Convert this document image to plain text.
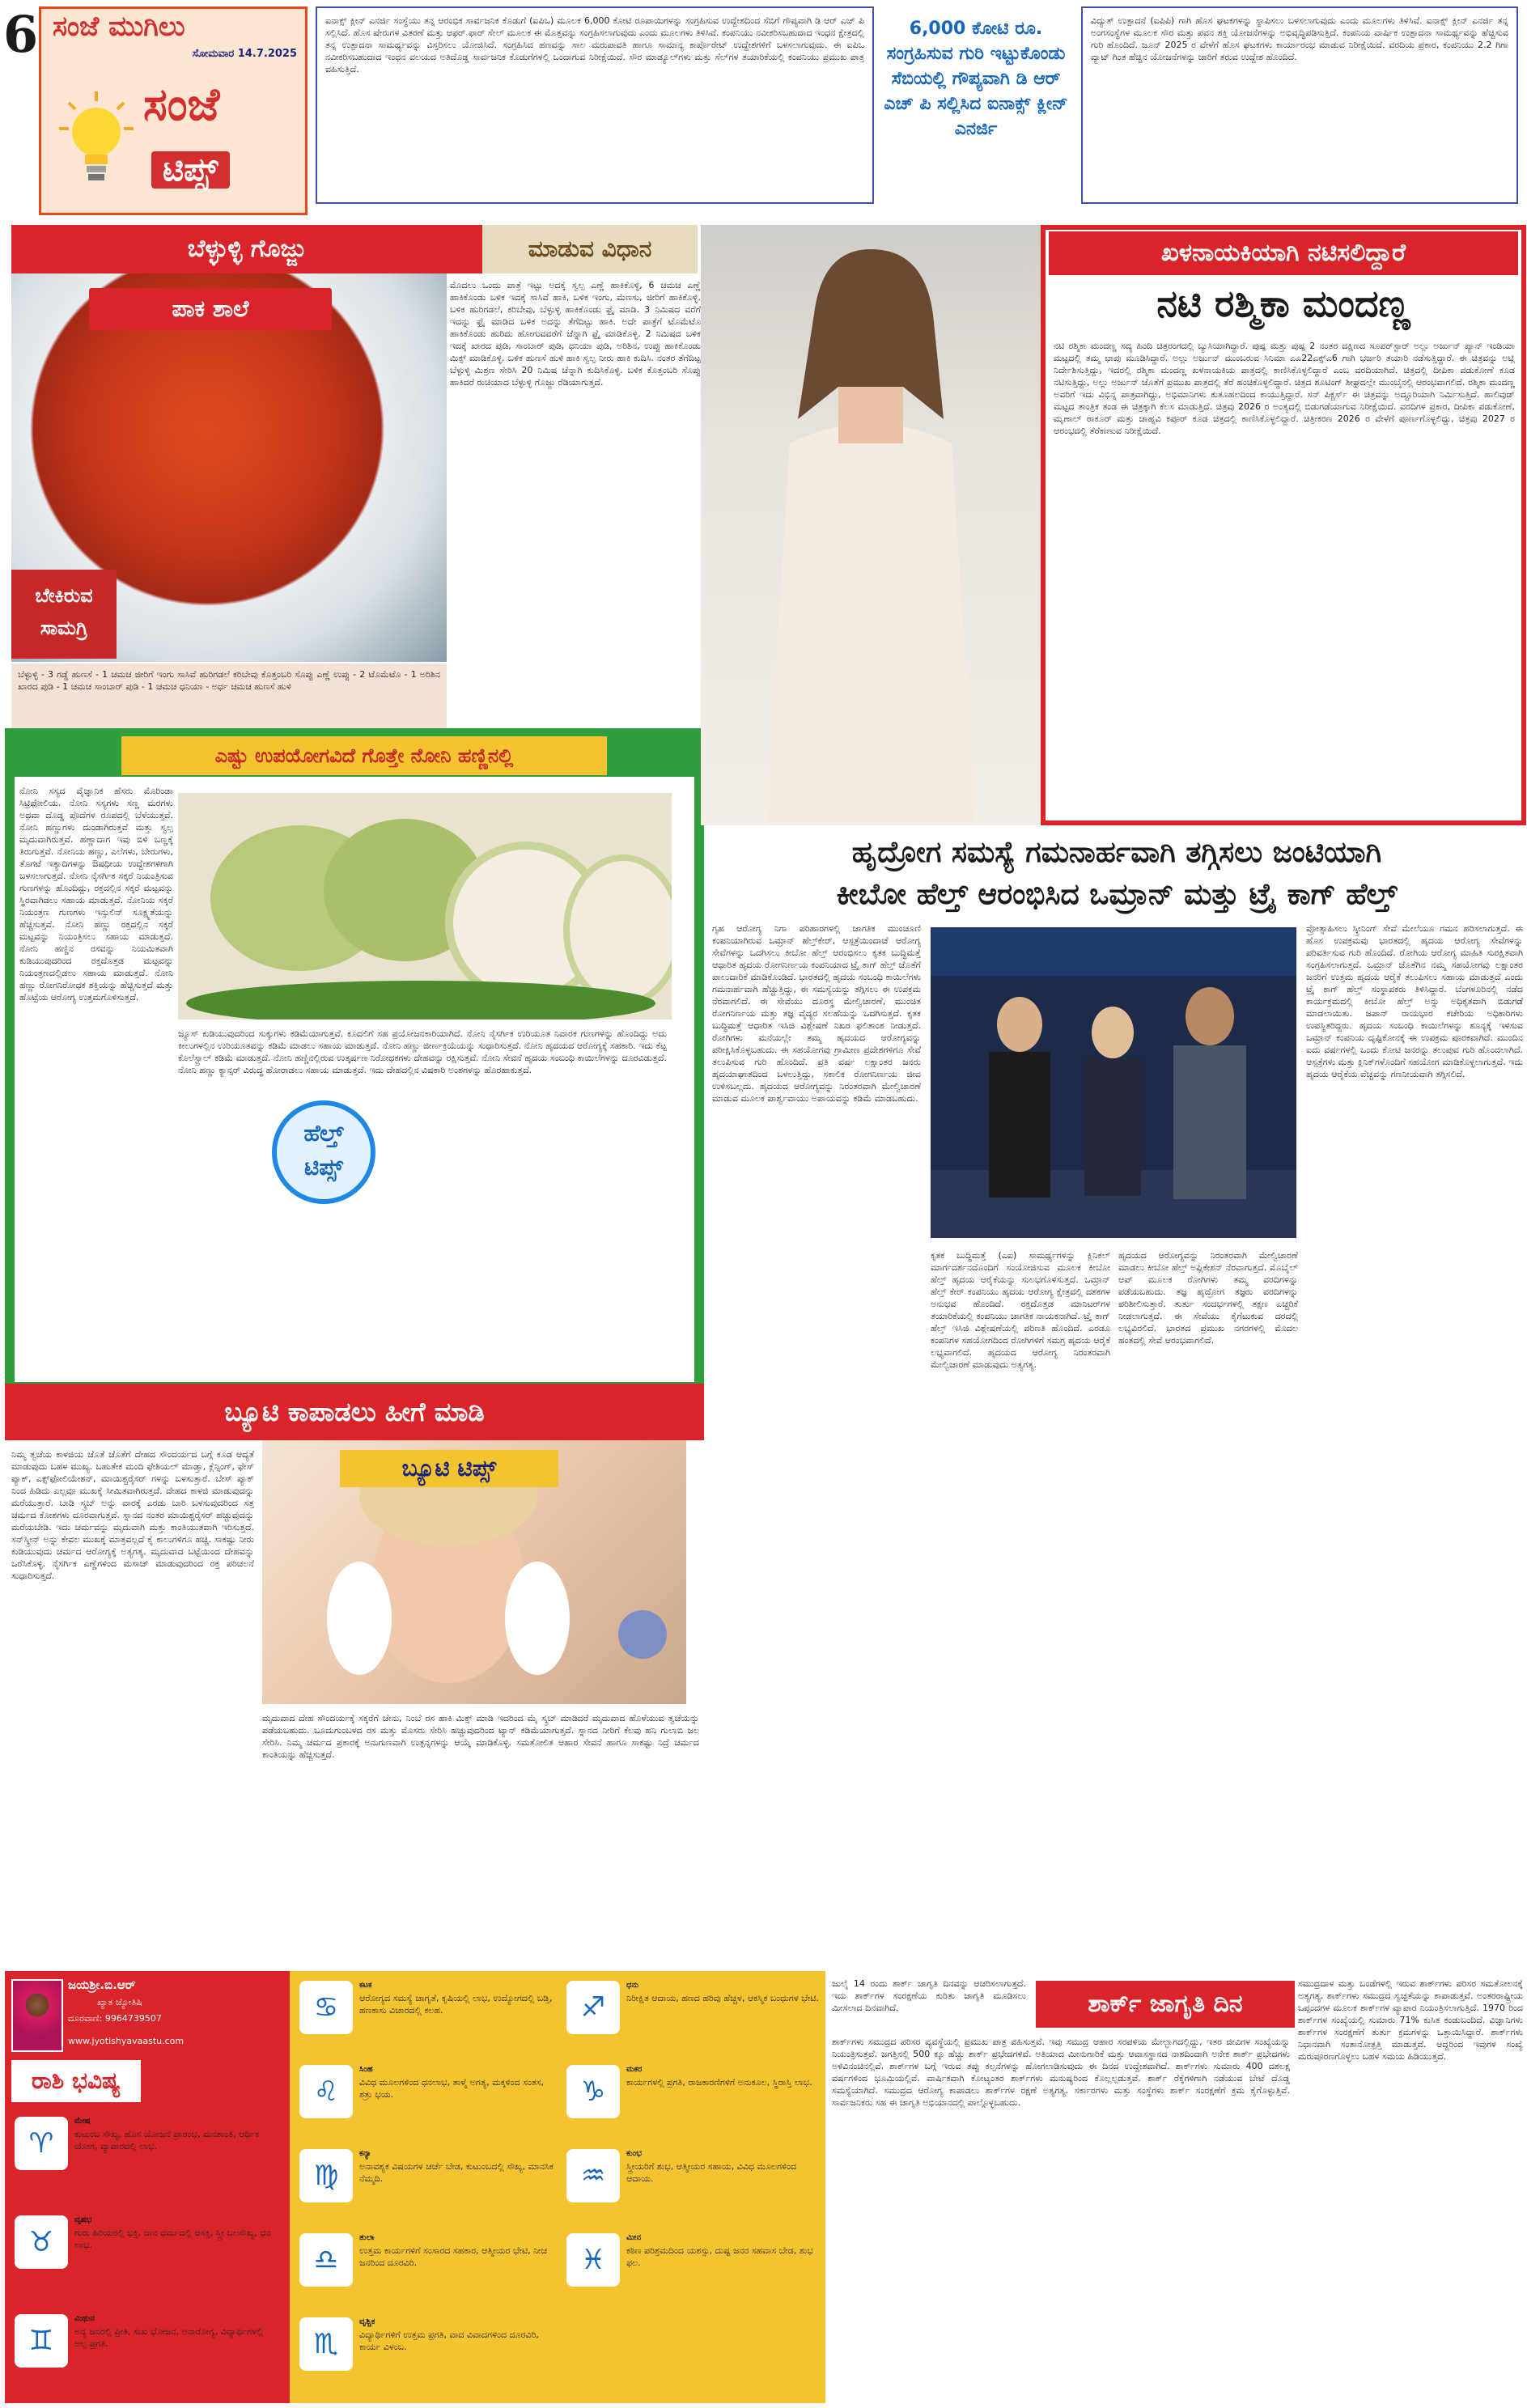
6 ಸಂಜೆ ಮುಗಿಲು
ಸೋಮವಾರ 14.7.2025
ಸಂಜೆ
ಟಿಪ್ಸ್
ಐನಾಕ್ಸ್ ಕ್ಲೀನ್ ಎನರ್ಜಿ ಸಂಸ್ಥೆಯು ತನ್ನ ಆರಂಭಿಕ ಸಾರ್ವಜನಿಕ ಕೊಡುಗೆ (ಐಪಿಒ) ಮೂಲಕ 6,000 ಕೋಟಿ ರೂಪಾಯಿಗಳನ್ನು ಸಂಗ್ರಹಿಸುವ ಉದ್ದೇಶದಿಂದ ಸೆಬಿಗೆ ಗೌಪ್ಯವಾಗಿ ಡಿ ಆರ್ ಎಚ್ ಪಿ ಸಲ್ಲಿಸಿದೆ. ಹೊಸ ಷೇರುಗಳ ವಿತರಣೆ ಮತ್ತು ಆಫರ್ ಫಾರ್ ಸೇಲ್ ಮೂಲಕ ಈ ಮೊತ್ತವನ್ನು ಸಂಗ್ರಹಿಸಲಾಗುವುದು ಎಂದು ಮೂಲಗಳು ತಿಳಿಸಿವೆ. ಕಂಪನಿಯು ನವೀಕರಿಸಬಹುದಾದ ಇಂಧನ ಕ್ಷೇತ್ರದಲ್ಲಿ ತನ್ನ ಉತ್ಪಾದನಾ ಸಾಮರ್ಥ್ಯವನ್ನು ವಿಸ್ತರಿಸಲು ಯೋಜಿಸಿದೆ. ಸಂಗ್ರಹಿಸಿದ ಹಣವನ್ನು ಸಾಲ ಮರುಪಾವತಿ ಹಾಗೂ ಸಾಮಾನ್ಯ ಕಾರ್ಪೊರೇಟ್ ಉದ್ದೇಶಗಳಿಗೆ ಬಳಸಲಾಗುವುದು. ಈ ಐಪಿಒ ನವೀಕರಿಸಬಹುದಾದ ಇಂಧನ ವಲಯದ ಅತಿದೊಡ್ಡ ಸಾರ್ವಜನಿಕ ಕೊಡುಗೆಗಳಲ್ಲಿ ಒಂದಾಗುವ ನಿರೀಕ್ಷೆಯಿದೆ. ಸೌರ ಮಾಡ್ಯೂಲ್‌ಗಳು ಮತ್ತು ಸೆಲ್‌ಗಳ ತಯಾರಿಕೆಯಲ್ಲಿ ಕಂಪನಿಯು ಪ್ರಮುಖ ಪಾತ್ರ ವಹಿಸುತ್ತಿದೆ.
6,000 ಕೋಟಿ ರೂ. ಸಂಗ್ರಹಿಸುವ ಗುರಿ ಇಟ್ಟುಕೊಂಡು ಸೆಬಿಯಲ್ಲಿ ಗೌಪ್ಯವಾಗಿ ಡಿ ಆರ್ ಎಚ್ ಪಿ ಸಲ್ಲಿಸಿದ ಐನಾಕ್ಸ್ ಕ್ಲೀನ್ ಎನರ್ಜಿ
ವಿದ್ಯುತ್ ಉತ್ಪಾದನೆ (ಐಪಿಪಿ) ಗಾಗಿ ಹೊಸ ಘಟಕಗಳನ್ನು ಸ್ಥಾಪಿಸಲು ಬಳಸಲಾಗುವುದು ಎಂದು ಮೂಲಗಳು ತಿಳಿಸಿವೆ. ಐನಾಕ್ಸ್ ಕ್ಲೀನ್ ಎನರ್ಜಿ ತನ್ನ ಅಂಗಸಂಸ್ಥೆಗಳ ಮೂಲಕ ಸೌರ ಮತ್ತು ಪವನ ಶಕ್ತಿ ಯೋಜನೆಗಳನ್ನು ಅಭಿವೃದ್ಧಿಪಡಿಸುತ್ತಿದೆ. ಕಂಪನಿಯ ವಾರ್ಷಿಕ ಉತ್ಪಾದನಾ ಸಾಮರ್ಥ್ಯವನ್ನು ಹೆಚ್ಚಿಸುವ ಗುರಿ ಹೊಂದಿದೆ. ಜೂನ್ 2025 ರ ವೇಳೆಗೆ ಹೊಸ ಘಟಕಗಳು ಕಾರ್ಯಾರಂಭ ಮಾಡುವ ನಿರೀಕ್ಷೆಯಿದೆ. ವರದಿಯ ಪ್ರಕಾರ, ಕಂಪನಿಯು 2.2 ಗಿಗಾ ವ್ಯಾಟ್ ಗಿಂತ ಹೆಚ್ಚಿನ ಯೋಜನೆಗಳನ್ನು ಜಾರಿಗೆ ತರುವ ಉದ್ದೇಶ ಹೊಂದಿದೆ.
ಬೆಳ್ಳುಳ್ಳಿ ಗೊಜ್ಜು	ಮಾಡುವ ವಿಧಾನ
ಪಾಕ ಶಾಲೆ
ಬೇಕಿರುವ ಸಾಮಗ್ರಿ
ಬೆಳ್ಳುಳ್ಳಿ - 3 ಗಡ್ಡೆ ಹುಣಸೆ - 1 ಚಮಚ ಜೀರಿಗೆ ಇಂಗು ಸಾಸಿವೆ ಹುರಿಗಡಲೆ ಕರಿಬೇವು ಕೊತ್ತಂಬರಿ ಸೊಪ್ಪು ಎಣ್ಣೆ ಉಪ್ಪು - 2 ಟೊಮೆಟೊ - 1 ಅರಿಶಿನ ಖಾರದ ಪುಡಿ - 1 ಚಮಚ ಸಾಂಬಾರ್ ಪುಡಿ - 1 ಚಮಚ ಧನಿಯಾ - ಅರ್ಧ ಚಮಚ ಹುಣಸೆ ಹುಳಿ
ಮೊದಲು ಒಂದು ಪಾತ್ರೆ ಇಟ್ಟು ಅದಕ್ಕೆ ಸ್ವಲ್ಪ ಎಣ್ಣೆ ಹಾಕಿಕೊಳ್ಳಿ, 6 ಚಮಚ ಎಣ್ಣೆ ಹಾಕಿಕೊಂಡು ಬಳಿಕ ಇದಕ್ಕೆ ಸಾಸಿವೆ ಹಾಕಿ, ಬಳಿಕ ಇಂಗು, ಮೆಣಸು, ಜೀರಿಗೆ ಹಾಕಿಕೊಳ್ಳಿ. ಬಳಿಕ ಹುರಿಗಡಲೆ, ಕರಿಬೇವು, ಬೆಳ್ಳುಳ್ಳಿ ಹಾಕಿಕೊಂಡು ಫ್ರೈ ಮಾಡಿ. 3 ನಿಮಿಷದ ವರೆಗೆ ಇದನ್ನು ಫ್ರೈ ಮಾಡಿದ ಬಳಿಕ ಅದನ್ನು ತೆಗೆದಿಟ್ಟು ಹಾಕಿ. ಅದೇ ಪಾತ್ರೆಗೆ ಟೊಮೆಟೊ ಹಾಕಿಕೊಂಡು ಹುರಿದು ಹೋಗುವವರೆಗೆ ಚೆನ್ನಾಗಿ ಫ್ರೈ ಮಾಡಿಕೊಳ್ಳಿ. 2 ನಿಮಿಷದ ಬಳಿಕ ಇದಕ್ಕೆ ಖಾರದ ಪುಡಿ, ಸಾಂಬಾರ್ ಪುಡಿ, ಧನಿಯಾ ಪುಡಿ, ಅರಿಶಿನ, ಉಪ್ಪು ಹಾಕಿಕೊಂಡು ಮಿಕ್ಸ್ ಮಾಡಿಕೊಳ್ಳಿ. ಬಳಿಕ ಹುಣಸೆ ಹುಳಿ ಹಾಕಿ ಸ್ವಲ್ಪ ನೀರು ಹಾಕಿ ಕುದಿಸಿ. ನಂತರ ತೆಗೆದಿಟ್ಟ ಬೆಳ್ಳುಳ್ಳಿ ಮಿಶ್ರಣ ಸೇರಿಸಿ 20 ನಿಮಿಷ ಚೆನ್ನಾಗಿ ಕುದಿಸಿಕೊಳ್ಳಿ. ಬಳಿಕ ಕೊತ್ತಂಬರಿ ಸೊಪ್ಪು ಹಾಕಿದರೆ ರುಚಿಯಾದ ಬೆಳ್ಳುಳ್ಳಿ ಗೊಜ್ಜು ರೆಡಿಯಾಗುತ್ತದೆ.
ಎಷ್ಟು ಉಪಯೋಗವಿದೆ ಗೊತ್ತೇ ನೋನಿ ಹಣ್ಣಿನಲ್ಲಿ
ನೋನಿ ಸಸ್ಯದ ವೈಜ್ಞಾನಿಕ ಹೆಸರು ಮೊರಿಂಡಾ ಸಿಟ್ರಿಫೋಲಿಯ. ನೋನಿ ಸಸ್ಯಗಳು ಸಣ್ಣ ಮರಗಳು ಅಥವಾ ದೊಡ್ಡ ಪೊದೆಗಳ ರೂಪದಲ್ಲಿ ಬೆಳೆಯುತ್ತವೆ. ನೋನಿ ಹಣ್ಣುಗಳು ದುಂಡಾಗಿರುತ್ತವೆ ಮತ್ತು ಸ್ವಲ್ಪ ಮೃದುವಾಗಿರುತ್ತವೆ. ಹಣ್ಣಾದಾಗ ಇವು ಬಿಳಿ ಬಣ್ಣಕ್ಕೆ ತಿರುಗುತ್ತವೆ. ನೋನಿಯ ಹಣ್ಣು, ಎಲೆಗಳು, ಬೇರುಗಳು, ತೊಗಟೆ ಇತ್ಯಾದಿಗಳನ್ನು ಔಷಧೀಯ ಉದ್ದೇಶಗಳಿಗಾಗಿ ಬಳಸಲಾಗುತ್ತದೆ. ನೋನಿ ನೈಸರ್ಗಿಕ ಸಕ್ಕರೆ ನಿಯಂತ್ರಿಸುವ ಗುಣಗಳನ್ನು ಹೊಂದಿದ್ದು, ರಕ್ತದಲ್ಲಿನ ಸಕ್ಕರೆ ಮಟ್ಟವನ್ನು ಸ್ಥಿರವಾಗಿಡಲು ಸಹಾಯ ಮಾಡುತ್ತದೆ. ನೋನಿಯ ಸಕ್ಕರೆ ನಿಯಂತ್ರಣ ಗುಣಗಳು ಇನ್ಸುಲಿನ್ ಸೂಕ್ಷ್ಮತೆಯನ್ನು ಹೆಚ್ಚಿಸುತ್ತವೆ. ನೋನಿ ಹಣ್ಣು ರಕ್ತದಲ್ಲಿನ ಸಕ್ಕರೆ ಮಟ್ಟವನ್ನು ನಿಯಂತ್ರಿಸಲು ಸಹಾಯ ಮಾಡುತ್ತದೆ. ನೋನಿ ಹಣ್ಣಿನ ರಸವನ್ನು ನಿಯಮಿತವಾಗಿ ಕುಡಿಯುವುದರಿಂದ ರಕ್ತದೊತ್ತಡ ಮಟ್ಟವನ್ನು ನಿಯಂತ್ರಣದಲ್ಲಿಡಲು ಸಹಾಯ ಮಾಡುತ್ತದೆ. ನೋನಿ ಹಣ್ಣು ರೋಗನಿರೋಧಕ ಶಕ್ತಿಯನ್ನು ಹೆಚ್ಚಿಸುತ್ತದೆ ಮತ್ತು ಹೊಟ್ಟೆಯ ಆರೋಗ್ಯ ಉತ್ತಮಗೊಳಿಸುತ್ತದೆ.
ಜ್ಯೂಸ್ ಕುಡಿಯುವುದರಿಂದ ಸುಕ್ಕುಗಳು ಕಡಿಮೆಯಾಗುತ್ತವೆ. ಕೂದಲಿಗೆ ಸಹ ಪ್ರಯೋಜನಕಾರಿಯಾಗಿದೆ. ನೋನಿ ನೈಸರ್ಗಿಕ ಉರಿಯೂತ ನಿವಾರಕ ಗುಣಗಳನ್ನು ಹೊಂದಿದ್ದು ಅದು ಕೀಲುಗಳಲ್ಲಿನ ಉರಿಯೂತವನ್ನು ಕಡಿಮೆ ಮಾಡಲು ಸಹಾಯ ಮಾಡುತ್ತದೆ. ನೋನಿ ಹಣ್ಣು ಜೀರ್ಣಕ್ರಿಯೆಯನ್ನು ಸುಧಾರಿಸುತ್ತದೆ. ನೋನಿ ಹೃದಯದ ಆರೋಗ್ಯಕ್ಕೆ ಸಹಕಾರಿ. ಇದು ಕೆಟ್ಟ ಕೊಲೆಸ್ಟ್ರಾಲ್ ಕಡಿಮೆ ಮಾಡುತ್ತದೆ. ನೋನಿ ಹಣ್ಣಿನಲ್ಲಿರುವ ಉತ್ಕರ್ಷಣ ನಿರೋಧಕಗಳು ದೇಹವನ್ನು ರಕ್ಷಿಸುತ್ತವೆ. ನೋನಿ ಸೇವನೆ ಹೃದಯ ಸಂಬಂಧಿ ಕಾಯಿಲೆಗಳನ್ನು ದೂರವಿಡುತ್ತದೆ. ನೋನಿ ಹಣ್ಣು ಕ್ಯಾನ್ಸರ್ ವಿರುದ್ಧ ಹೋರಾಡಲು ಸಹಾಯ ಮಾಡುತ್ತದೆ. ಇದು ದೇಹದಲ್ಲಿನ ವಿಷಕಾರಿ ಅಂಶಗಳನ್ನು ಹೊರಹಾಕುತ್ತದೆ.
ಹೆಲ್ತ್
ಟಿಪ್ಸ್
ಬ್ಯೂಟಿ ಕಾಪಾಡಲು ಹೀಗೆ ಮಾಡಿ
ಬ್ಯೂಟಿ ಟಿಪ್ಸ್
ನಿಮ್ಮ ತ್ವಚೆಯ ಕಾಳಜಿಯ ಜೊತೆ ಜೊತೆಗೆ ದೇಹದ ಸೌಂದರ್ಯದ ಬಗ್ಗೆ ಕೂಡ ಆದ್ಯತೆ ಮಾಡುವುದು ಬಹಳ ಮುಖ್ಯ. ಬಹುತೇಕ ಮಂದಿ ಫೇಶಿಯಲ್ ಮಾಡ್ತಾ, ಕ್ಲೆನ್ಸಿಂಗ್, ಫೇಸ್ ಪ್ಯಾಕ್, ಎಕ್ಸ್‌ಫೋಲಿಯೇಶನ್, ಮಾಯಿಶ್ಚರೈಸರ್ ಗಳನ್ನು ಬಳಸುತ್ತಾರೆ. ಬೇಸ್ ಪ್ಯಾಕ್ ನಿಂದ ಹಿಡಿದು ಎಲ್ಲವೂ ಮುಖಕ್ಕೆ ಸೀಮಿತವಾಗಿರುತ್ತದೆ. ದೇಹದ ಕಾಳಜಿ ಮಾಡುವುದನ್ನು ಮರೆಯುತ್ತಾರೆ. ಬಾಡಿ ಸ್ಕ್ರಬ್ ಅನ್ನು ವಾರಕ್ಕೆ ಎರಡು ಬಾರಿ ಬಳಸುವುದರಿಂದ ಸತ್ತ ಚರ್ಮದ ಕೋಶಗಳು ದೂರವಾಗುತ್ತವೆ. ಸ್ನಾನದ ನಂತರ ಮಾಯಿಶ್ಚರೈಸರ್ ಹಚ್ಚುವುದನ್ನು ಮರೆಯಬೇಡಿ. ಇದು ಚರ್ಮವನ್ನು ಮೃದುವಾಗಿ ಮತ್ತು ಕಾಂತಿಯುತವಾಗಿ ಇರಿಸುತ್ತದೆ. ಸನ್‌ಸ್ಕ್ರೀನ್ ಅನ್ನು ಕೇವಲ ಮುಖಕ್ಕೆ ಮಾತ್ರವಲ್ಲದೆ ಕೈ ಕಾಲುಗಳಿಗೂ ಹಚ್ಚಿ. ಸಾಕಷ್ಟು ನೀರು ಕುಡಿಯುವುದು ಚರ್ಮದ ಆರೋಗ್ಯಕ್ಕೆ ಅತ್ಯಗತ್ಯ. ಮೃದುವಾದ ಬಟ್ಟೆಯಿಂದ ದೇಹವನ್ನು ಒರೆಸಿಕೊಳ್ಳಿ. ನೈಸರ್ಗಿಕ ಎಣ್ಣೆಗಳಿಂದ ಮಸಾಜ್ ಮಾಡುವುದರಿಂದ ರಕ್ತ ಪರಿಚಲನೆ ಸುಧಾರಿಸುತ್ತದೆ.
ಮೃದುವಾದ ದೇಹ ಸೌಂದರ್ಯಕ್ಕೆ ಸಕ್ಕರೆಗೆ ಜೇನು, ನಿಂಬೆ ರಸ ಹಾಕಿ ಮಿಕ್ಸ್ ಮಾಡಿ ಇದರಿಂದ ಮೈ ಸ್ಕ್ರಬ್ ಮಾಡಿದರೆ ಮೃದುವಾದ ಹೊಳೆಯುವ ತ್ವಚೆಯನ್ನು ಪಡೆಯಬಹುದು. ಬೂದುಗುಂಬಳದ ರಸ ಮತ್ತು ಮೊಸರು ಸೇರಿಸಿ ಹಚ್ಚುವುದರಿಂದ ಟ್ಯಾನ್ ಕಡಿಮೆಯಾಗುತ್ತದೆ. ಸ್ನಾನದ ನೀರಿಗೆ ಕೆಲವು ಹನಿ ಗುಲಾಬಿ ಜಲ ಸೇರಿಸಿ. ನಿಮ್ಮ ಚರ್ಮದ ಪ್ರಕಾರಕ್ಕೆ ಅನುಗುಣವಾಗಿ ಉತ್ಪನ್ನಗಳನ್ನು ಆಯ್ಕೆ ಮಾಡಿಕೊಳ್ಳಿ. ಸಮತೋಲಿತ ಆಹಾರ ಸೇವನೆ ಹಾಗೂ ಸಾಕಷ್ಟು ನಿದ್ರೆ ಚರ್ಮದ ಕಾಂತಿಯನ್ನು ಹೆಚ್ಚಿಸುತ್ತದೆ.
ಖಳನಾಯಕಿಯಾಗಿ ನಟಿಸಲಿದ್ದಾರೆ
ನಟಿ ರಶ್ಮಿಕಾ ಮಂದಣ್ಣ
ನಟಿ ರಶ್ಮಿಕಾ ಮಂದಣ್ಣ ಸದ್ಯ ಹಿಂದಿ ಚಿತ್ರರಂಗದಲ್ಲಿ ಬ್ಯುಸಿಯಾಗಿದ್ದಾರೆ. ಪುಷ್ಪ ಮತ್ತು ಪುಷ್ಪ 2 ನಂತರ ದಕ್ಷಿಣದ ಸೂಪರ್‌ಸ್ಟಾರ್ ಅಲ್ಲು ಅರ್ಜುನ್ ಪ್ಯಾನ್ ಇಂಡಿಯಾ ಮಟ್ಟದಲ್ಲಿ ತಮ್ಮ ಛಾಪು ಮೂಡಿಸಿದ್ದಾರೆ. ಅಲ್ಲು ಅರ್ಜುನ್ ಮುಂಬರುವ ಸಿನಿಮಾ ಎಎ22ಎಕ್ಸ್‌ಎ6 ಗಾಗಿ ಭರ್ಜರಿ ತಯಾರಿ ನಡೆಸುತ್ತಿದ್ದಾರೆ. ಈ ಚಿತ್ರವನ್ನು ಅಟ್ಲಿ ನಿರ್ದೇಶಿಸುತ್ತಿದ್ದು, ಇದರಲ್ಲಿ ರಶ್ಮಿಕಾ ಮಂದಣ್ಣ ಖಳನಾಯಕಿಯ ಪಾತ್ರದಲ್ಲಿ ಕಾಣಿಸಿಕೊಳ್ಳಲಿದ್ದಾರೆ ಎಂಬ ವರದಿಯಾಗಿದೆ. ಚಿತ್ರದಲ್ಲಿ ದೀಪಿಕಾ ಪಡುಕೋಣೆ ಕೂಡ ನಟಿಸುತ್ತಿದ್ದು, ಅಲ್ಲು ಅರ್ಜುನ್ ಜೊತೆಗೆ ಪ್ರಮುಖ ಪಾತ್ರದಲ್ಲಿ ತೆರೆ ಹಂಚಿಕೊಳ್ಳಲಿದ್ದಾರೆ. ಚಿತ್ರದ ಶೂಟಿಂಗ್ ಶೀಘ್ರದಲ್ಲೇ ಮುಂಬೈನಲ್ಲಿ ಆರಂಭವಾಗಲಿದೆ. ರಶ್ಮಿಕಾ ಮಂದಣ್ಣ ಅವರಿಗೆ ಇದು ವಿಭಿನ್ನ ಪಾತ್ರವಾಗಿದ್ದು, ಅಭಿಮಾನಿಗಳು ಕುತೂಹಲದಿಂದ ಕಾಯುತ್ತಿದ್ದಾರೆ. ಸನ್ ಪಿಕ್ಚರ್ಸ್ ಈ ಚಿತ್ರವನ್ನು ಅದ್ದೂರಿಯಾಗಿ ನಿರ್ಮಿಸುತ್ತಿದೆ. ಹಾಲಿವುಡ್ ಮಟ್ಟದ ತಾಂತ್ರಿಕ ತಂಡ ಈ ಚಿತ್ರಕ್ಕಾಗಿ ಕೆಲಸ ಮಾಡುತ್ತಿದೆ. ಚಿತ್ರವು 2026 ರ ಅಂತ್ಯದಲ್ಲಿ ಬಿಡುಗಡೆಯಾಗುವ ನಿರೀಕ್ಷೆಯಿದೆ. ವರದಿಗಳ ಪ್ರಕಾರ, ದೀಪಿಕಾ ಪಡುಕೋಣೆ, ಮೃಣಾಲ್ ಠಾಕೂರ್ ಮತ್ತು ಜಾಹ್ನವಿ ಕಪೂರ್ ಕೂಡ ಚಿತ್ರದಲ್ಲಿ ಕಾಣಿಸಿಕೊಳ್ಳಲಿದ್ದಾರೆ. ಚಿತ್ರೀಕರಣ 2026 ರ ವೇಳೆಗೆ ಪೂರ್ಣಗೊಳ್ಳಲಿದ್ದು, ಚಿತ್ರವು 2027 ರ ಆರಂಭದಲ್ಲಿ ತೆರೆಕಾಣುವ ನಿರೀಕ್ಷೆಯಿದೆ.
ಹೃದ್ರೋಗ ಸಮಸ್ಯೆ ಗಮನಾರ್ಹವಾಗಿ ತಗ್ಗಿಸಲು ಜಂಟಿಯಾಗಿ
ಕೀಬೋ ಹೆಲ್ತ್ ಆರಂಭಿಸಿದ ಒಮ್ರಾನ್ ಮತ್ತು ಟ್ರೈ ಕಾಗ್ ಹೆಲ್ತ್
ಗೃಹ ಆರೋಗ್ಯ ನಿಗಾ ಪರಿಹಾರಗಳಲ್ಲಿ ಜಾಗತಿಕ ಮುಂಚೂಣಿ ಕಂಪನಿಯಾಗಿರುವ ಒಮ್ರಾನ್ ಹೆಲ್ತ್‌ಕೇರ್, ಆಸ್ಪತ್ರೆಯಿಂದಾಚೆ ಆರೋಗ್ಯ ಸೇವೆಗಳನ್ನು ಒದಗಿಸಲು ಕೀಬೋ ಹೆಲ್ತ್ ಆರಂಭಿಸಲು ಕೃತಕ ಬುದ್ಧಿಮತ್ತೆ ಆಧಾರಿತ ಹೃದಯ ರೋಗನಿರ್ಣಯ ಕಂಪನಿಯಾದ ಟ್ರೈ ಕಾಗ್ ಹೆಲ್ತ್ ಜೊತೆಗೆ ಪಾಲುದಾರಿಕೆ ಮಾಡಿಕೊಂಡಿದೆ. ಭಾರತದಲ್ಲಿ ಹೃದಯ ಸಂಬಂಧಿ ಕಾಯಿಲೆಗಳು ಗಮನಾರ್ಹವಾಗಿ ಹೆಚ್ಚುತ್ತಿದ್ದು, ಈ ಸಮಸ್ಯೆಯನ್ನು ತಗ್ಗಿಸಲು ಈ ಉಪಕ್ರಮ ನೆರವಾಗಲಿದೆ. ಈ ಸೇವೆಯು ದೂರಸ್ಥ ಮೇಲ್ವಿಚಾರಣೆ, ಮುಂಚಿತ ರೋಗನಿರ್ಣಯ ಮತ್ತು ತಜ್ಞ ವೈದ್ಯರ ಸಲಹೆಯನ್ನು ಒದಗಿಸುತ್ತದೆ. ಕೃತಕ ಬುದ್ಧಿಮತ್ತೆ ಆಧಾರಿತ ಇಸಿಜಿ ವಿಶ್ಲೇಷಣೆ ನಿಖರ ಫಲಿತಾಂಶ ನೀಡುತ್ತದೆ. ರೋಗಿಗಳು ಮನೆಯಲ್ಲೇ ತಮ್ಮ ಹೃದಯದ ಆರೋಗ್ಯವನ್ನು ಪರೀಕ್ಷಿಸಿಕೊಳ್ಳಬಹುದು. ಈ ಸಹಯೋಗವು ಗ್ರಾಮೀಣ ಪ್ರದೇಶಗಳಿಗೂ ಸೇವೆ ತಲುಪಿಸುವ ಗುರಿ ಹೊಂದಿದೆ. ಪ್ರತಿ ವರ್ಷ ಲಕ್ಷಾಂತರ ಜನರು ಹೃದಯಾಘಾತದಿಂದ ಬಳಲುತ್ತಿದ್ದು, ಸಕಾಲಿಕ ರೋಗನಿರ್ಣಯ ಜೀವ ಉಳಿಸಬಲ್ಲದು. ಹೃದಯದ ಆರೋಗ್ಯವನ್ನು ನಿರಂತರವಾಗಿ ಮೇಲ್ವಿಚಾರಣೆ ಮಾಡುವ ಮೂಲಕ ಪಾರ್ಶ್ವವಾಯು ಅಪಾಯವನ್ನು ಕಡಿಮೆ ಮಾಡಬಹುದು.
ಕೃತಕ ಬುದ್ಧಿಮತ್ತೆ (ಎಐ) ಸಾಮರ್ಥ್ಯಗಳನ್ನು ಕ್ಲಿನಿಕಲ್ ಮಾರ್ಗದರ್ಶನದೊಂದಿಗೆ ಸಂಯೋಜಿಸುವ ಮೂಲಕ ಕೀಬೋ ಹೆಲ್ತ್ ಹೃದಯ ಆರೈಕೆಯನ್ನು ಸುಲಭಗೊಳಿಸುತ್ತದೆ. ಒಮ್ರಾನ್ ಹೆಲ್ತ್ ಕೇರ್ ಕಂಪನಿಯು ಹೃದಯ ಆರೋಗ್ಯ ಕ್ಷೇತ್ರದಲ್ಲಿ ದಶಕಗಳ ಅನುಭವ ಹೊಂದಿದೆ. ರಕ್ತದೊತ್ತಡ ಮಾನಿಟರ್‌ಗಳ ತಯಾರಿಕೆಯಲ್ಲಿ ಕಂಪನಿಯು ಜಾಗತಿಕ ನಾಯಕನಾಗಿದೆ. ಟ್ರೈ ಕಾಗ್ ಹೆಲ್ತ್ ಇಸಿಜಿ ವಿಶ್ಲೇಷಣೆಯಲ್ಲಿ ಪರಿಣತಿ ಹೊಂದಿದೆ. ಎರಡೂ ಕಂಪನಿಗಳ ಸಹಯೋಗದಿಂದ ರೋಗಿಗಳಿಗೆ ಸಮಗ್ರ ಹೃದಯ ಆರೈಕೆ ಲಭ್ಯವಾಗಲಿದೆ. ಹೃದಯದ ಆರೋಗ್ಯ ನಿರಂತರವಾಗಿ ಮೇಲ್ವಿಚಾರಣೆ ಮಾಡುವುದು ಅತ್ಯಗತ್ಯ.
ಹೃದಯದ ಆರೋಗ್ಯವನ್ನು ನಿರಂತರವಾಗಿ ಮೇಲ್ವಿಚಾರಣೆ ಮಾಡಲು ಕೀಬೋ ಹೆಲ್ತ್ ಅಪ್ಲಿಕೇಶನ್ ನೆರವಾಗುತ್ತದೆ. ಮೊಬೈಲ್ ಆಪ್ ಮೂಲಕ ರೋಗಿಗಳು ತಮ್ಮ ವರದಿಗಳನ್ನು ಪಡೆಯಬಹುದು. ತಜ್ಞ ಹೃದ್ರೋಗ ತಜ್ಞರು ವರದಿಗಳನ್ನು ಪರಿಶೀಲಿಸುತ್ತಾರೆ. ತುರ್ತು ಸಂದರ್ಭಗಳಲ್ಲಿ ತಕ್ಷಣ ಎಚ್ಚರಿಕೆ ನೀಡಲಾಗುತ್ತದೆ. ಈ ಸೇವೆಯು ಕೈಗೆಟುಕುವ ದರದಲ್ಲಿ ಲಭ್ಯವಿರಲಿದೆ. ಭಾರತದ ಪ್ರಮುಖ ನಗರಗಳಲ್ಲಿ ಮೊದಲ ಹಂತದಲ್ಲಿ ಸೇವೆ ಆರಂಭವಾಗಲಿದೆ.
ಪ್ರೋತ್ಸಾಹಿಸಲು ಸ್ಕ್ರೀನಿಂಗ್ ಸೇವೆ ಮೇಲೆಯೂ ಗಮನ ಹರಿಸಲಾಗುತ್ತದೆ. ಈ ಹೊಸ ಉಪಕ್ರಮವು ಭಾರತದಲ್ಲಿ ಹೃದಯ ಆರೋಗ್ಯ ಸೇವೆಗಳನ್ನು ಪರಿವರ್ತಿಸುವ ಗುರಿ ಹೊಂದಿದೆ. ರೋಗಿಯ ಆರೋಗ್ಯ ಮಾಹಿತಿ ಸುರಕ್ಷಿತವಾಗಿ ಸಂಗ್ರಹಿಸಲಾಗುತ್ತದೆ. ಒಮ್ರಾನ್ ಜೊತೆಗಿನ ನಮ್ಮ ಸಹಯೋಗವು ಲಕ್ಷಾಂತರ ಜನರಿಗೆ ಉತ್ತಮ ಹೃದಯ ಆರೈಕೆ ತಲುಪಿಸಲು ಸಹಾಯ ಮಾಡುತ್ತದೆ ಎಂದು ಟ್ರೈ ಕಾಗ್ ಹೆಲ್ತ್ ಸಂಸ್ಥಾಪಕರು ತಿಳಿಸಿದ್ದಾರೆ. ಬೆಂಗಳೂರಿನಲ್ಲಿ ನಡೆದ ಕಾರ್ಯಕ್ರಮದಲ್ಲಿ ಕೀಬೋ ಹೆಲ್ತ್ ಅನ್ನು ಅಧಿಕೃತವಾಗಿ ಬಿಡುಗಡೆ ಮಾಡಲಾಯಿತು. ಜಪಾನ್ ರಾಯಭಾರ ಕಚೇರಿಯ ಅಧಿಕಾರಿಗಳು ಉಪಸ್ಥಿತರಿದ್ದರು. ಹೃದಯ ಸಂಬಂಧಿ ಕಾಯಿಲೆಗಳನ್ನು ಶೂನ್ಯಕ್ಕೆ ಇಳಿಸುವ ಒಮ್ರಾನ್ ಕಂಪನಿಯ ದೃಷ್ಟಿಕೋನಕ್ಕೆ ಈ ಉಪಕ್ರಮ ಪೂರಕವಾಗಿದೆ. ಮುಂದಿನ ಐದು ವರ್ಷಗಳಲ್ಲಿ ಒಂದು ಕೋಟಿ ಜನರನ್ನು ತಲುಪುವ ಗುರಿ ಹೊಂದಲಾಗಿದೆ. ಆಸ್ಪತ್ರೆಗಳು ಮತ್ತು ಕ್ಲಿನಿಕ್‌ಗಳೊಂದಿಗೆ ಸಹಯೋಗ ಮಾಡಿಕೊಳ್ಳಲಾಗುತ್ತದೆ. ಇದು ಹೃದಯ ಆರೈಕೆಯ ವೆಚ್ಚವನ್ನು ಗಣನೀಯವಾಗಿ ತಗ್ಗಿಸಲಿದೆ.
ಜಯಶ್ರೀ.ಬಿ.ಆರ್
ಖ್ಯಾತ ಜ್ಯೋತಿಷಿ
ದೂರವಾಣಿ: 9964739507
www.jyotishyavaastu.com
ರಾಶಿ ಭವಿಷ್ಯ
♈
ಮೇಷ
ಕುಟುಂಬ ಸೌಖ್ಯ, ಹೊಸ ಯೋಜನೆ ಪ್ರಾರಂಭ, ಮನಶಾಂತಿ, ಆರ್ಥಿಕ ಯೋಗ, ವ್ಯಾಪಾರದಲ್ಲಿ ಲಾಭ.
♉
ವೃಷಭ
ಗುರು ಹಿರಿಯರಲ್ಲಿ ಭಕ್ತಿ, ದಾನ ಧರ್ಮದಲ್ಲಿ ಆಸಕ್ತಿ, ಸ್ತ್ರೀ ಬಲಸೌಖ್ಯ, ಧನ ಲಾಭ.
♊
ಮಿಥುನ
ಅನ್ಯ ಜನರಲ್ಲಿ ಪ್ರೀತಿ, ಸುಖ ಭೋಜನ, ಅನಾರೋಗ್ಯ, ವಿದ್ಯಾರ್ಥಿಗಳಲ್ಲಿ ಅಲ್ಪ ಪ್ರಗತಿ.
♋
ಕಟಕ
ಆರೋಗ್ಯದ ಸಮಸ್ಯೆ ಜಾಗೃತೆ, ಕೃಷಿಯಲ್ಲಿ ಲಾಭ, ಉದ್ಯೋಗದಲ್ಲಿ ಬಡ್ತಿ, ಹಣಕಾಸು ವಿಚಾರದಲ್ಲಿ ಕಲಹ.
♌
ಸಿಂಹ
ವಿವಿಧ ಮೂಲಗಳಿಂದ ಧನಲಾಭ, ತಾಳ್ಮೆ ಅಗತ್ಯ, ಮಕ್ಕಳಿಂದ ಸಂತಸ, ಶತ್ರು ಭಯ.
♍
ಕನ್ಯಾ
ಅನಾವಶ್ಯಕ ವಿಷಯಗಳ ಚರ್ಚೆ ಬೇಡ, ಕುಟುಂಬದಲ್ಲಿ ಸೌಖ್ಯ, ಮಾನಸಿಕ ನೆಮ್ಮದಿ.
♎
ತುಲಾ
ಉತ್ತಮ ಕಾರ್ಯಗಳಿಗೆ ಸಂಸಾರದ ಸಹಕಾರ, ಆತ್ಮೀಯರ ಭೇಟಿ, ನೀಚ ಜನರಿಂದ ದೂರವಿರಿ.
♏
ವೃಶ್ಚಿಕ
ವಿದ್ಯಾರ್ಥಿಗಳಿಗೆ ಉತ್ತಮ ಪ್ರಗತಿ, ವಾದ ವಿವಾದಗಳಿಂದ ದೂರವಿರಿ, ಕಾರ್ಯ ವಿಳಂಬ.
♐
ಧನು
ನಿರೀಕ್ಷಿತ ಆದಾಯ, ಹಣದ ಹರಿವು ಹೆಚ್ಚಳ, ಆಕಸ್ಮಿಕ ಬಂಧುಗಳ ಭೇಟಿ.
♑
ಮಕರ
ಕಾರ್ಯಗಳಲ್ಲಿ ಪ್ರಗತಿ, ರಾಜಕಾರಣಿಗಳಿಗೆ ಅನುಕೂಲ, ಸ್ಥಿರಾಸ್ತಿ ಲಾಭ.
♒
ಕುಂಭ
ಸ್ತ್ರೀಯರಿಗೆ ಶುಭ, ಆತ್ಮೀಯರ ಸಹಾಯ, ವಿವಿಧ ಮೂಲಗಳಿಂದ ಆದಾಯ.
♓
ಮೀನ
ಕಠಿಣ ಪರಿಶ್ರಮದಿಂದ ಯಶಸ್ಸು, ದುಷ್ಟ ಜನರ ಸಹವಾಸ ಬೇಡ, ಶುಭ ಫಲ.
ಜುಲೈ 14 ರಂದು ಶಾರ್ಕ್ ಜಾಗೃತಿ ದಿನವನ್ನು ಆಚರಿಸಲಾಗುತ್ತದೆ. ಇದು ಶಾರ್ಕ್‌ಗಳ ಸಂರಕ್ಷಣೆಯ ಕುರಿತು ಜಾಗೃತಿ ಮೂಡಿಸಲು ಮೀಸಲಾದ ದಿನವಾಗಿದೆ.	ಶಾರ್ಕ್ ಜಾಗೃತಿ ದಿನ
ಶಾರ್ಕ್‌ಗಳು ಸಮುದ್ರದ ಪರಿಸರ ವ್ಯವಸ್ಥೆಯಲ್ಲಿ ಪ್ರಮುಖ ಪಾತ್ರ ವಹಿಸುತ್ತವೆ. ಇವು ಸಮುದ್ರ ಆಹಾರ ಸರಪಳಿಯ ಮೇಲ್ಭಾಗದಲ್ಲಿದ್ದು, ಇತರ ಜೀವಿಗಳ ಸಂಖ್ಯೆಯನ್ನು ನಿಯಂತ್ರಿಸುತ್ತವೆ. ಜಗತ್ತಿನಲ್ಲಿ 500 ಕ್ಕೂ ಹೆಚ್ಚು ಶಾರ್ಕ್ ಪ್ರಭೇದಗಳಿವೆ. ಅತಿಯಾದ ಮೀನುಗಾರಿಕೆ ಮತ್ತು ಆವಾಸಸ್ಥಾನದ ನಾಶದಿಂದಾಗಿ ಅನೇಕ ಶಾರ್ಕ್ ಪ್ರಭೇದಗಳು ಅಳಿವಿನಂಚಿನಲ್ಲಿವೆ. ಶಾರ್ಕ್‌ಗಳ ಬಗ್ಗೆ ಇರುವ ತಪ್ಪು ಕಲ್ಪನೆಗಳನ್ನು ಹೋಗಲಾಡಿಸುವುದು ಈ ದಿನದ ಉದ್ದೇಶವಾಗಿದೆ. ಶಾರ್ಕ್‌ಗಳು ಸುಮಾರು 400 ದಶಲಕ್ಷ ವರ್ಷಗಳಿಂದ ಭೂಮಿಯಲ್ಲಿವೆ. ವಾರ್ಷಿಕವಾಗಿ ಕೋಟ್ಯಂತರ ಶಾರ್ಕ್‌ಗಳು ಮನುಷ್ಯರಿಂದ ಕೊಲ್ಲಲ್ಪಡುತ್ತವೆ. ಶಾರ್ಕ್ ರೆಕ್ಕೆಗಳಿಗಾಗಿ ನಡೆಯುವ ಬೇಟೆ ದೊಡ್ಡ ಸಮಸ್ಯೆಯಾಗಿದೆ. ಸಮುದ್ರದ ಆರೋಗ್ಯ ಕಾಪಾಡಲು ಶಾರ್ಕ್‌ಗಳ ರಕ್ಷಣೆ ಅತ್ಯಗತ್ಯ. ಸರ್ಕಾರಗಳು ಮತ್ತು ಸಂಸ್ಥೆಗಳು ಶಾರ್ಕ್ ಸಂರಕ್ಷಣೆಗೆ ಕ್ರಮ ಕೈಗೊಳ್ಳುತ್ತಿವೆ. ಸಾರ್ವಜನಿಕರು ಸಹ ಈ ಜಾಗೃತಿ ಅಭಿಯಾನದಲ್ಲಿ ಪಾಲ್ಗೊಳ್ಳಬಹುದು.
ಸಮುದ್ರದಾಳ ಮತ್ತು ಬಂಡೆಗಳಲ್ಲಿ ಇರುವ ಶಾರ್ಕ್‌ಗಳು ಪರಿಸರ ಸಮತೋಲನಕ್ಕೆ ಅತ್ಯಗತ್ಯ. ಶಾರ್ಕ್‌ಗಳು ಸಮುದ್ರದ ಸ್ವಚ್ಛತೆಯನ್ನು ಕಾಪಾಡುತ್ತವೆ. ಅಂತರರಾಷ್ಟ್ರೀಯ ಒಪ್ಪಂದಗಳ ಮೂಲಕ ಶಾರ್ಕ್‌ಗಳ ವ್ಯಾಪಾರ ನಿಯಂತ್ರಿಸಲಾಗುತ್ತಿದೆ. 1970 ರಿಂದ ಶಾರ್ಕ್‌ಗಳ ಸಂಖ್ಯೆಯಲ್ಲಿ ಸುಮಾರು 71% ಕುಸಿತ ಕಂಡುಬಂದಿದೆ. ವಿಜ್ಞಾನಿಗಳು ಶಾರ್ಕ್‌ಗಳ ಸಂರಕ್ಷಣೆಗೆ ತುರ್ತು ಕ್ರಮಗಳನ್ನು ಒತ್ತಾಯಿಸಿದ್ದಾರೆ. ಶಾರ್ಕ್‌ಗಳು ನಿಧಾನವಾಗಿ ಸಂತಾನೋತ್ಪತ್ತಿ ಮಾಡುತ್ತವೆ. ಆದ್ದರಿಂದ ಇವುಗಳ ಸಂಖ್ಯೆ ಮರುಪೂರಣಗೊಳ್ಳಲು ಬಹಳ ಸಮಯ ಹಿಡಿಯುತ್ತದೆ.
